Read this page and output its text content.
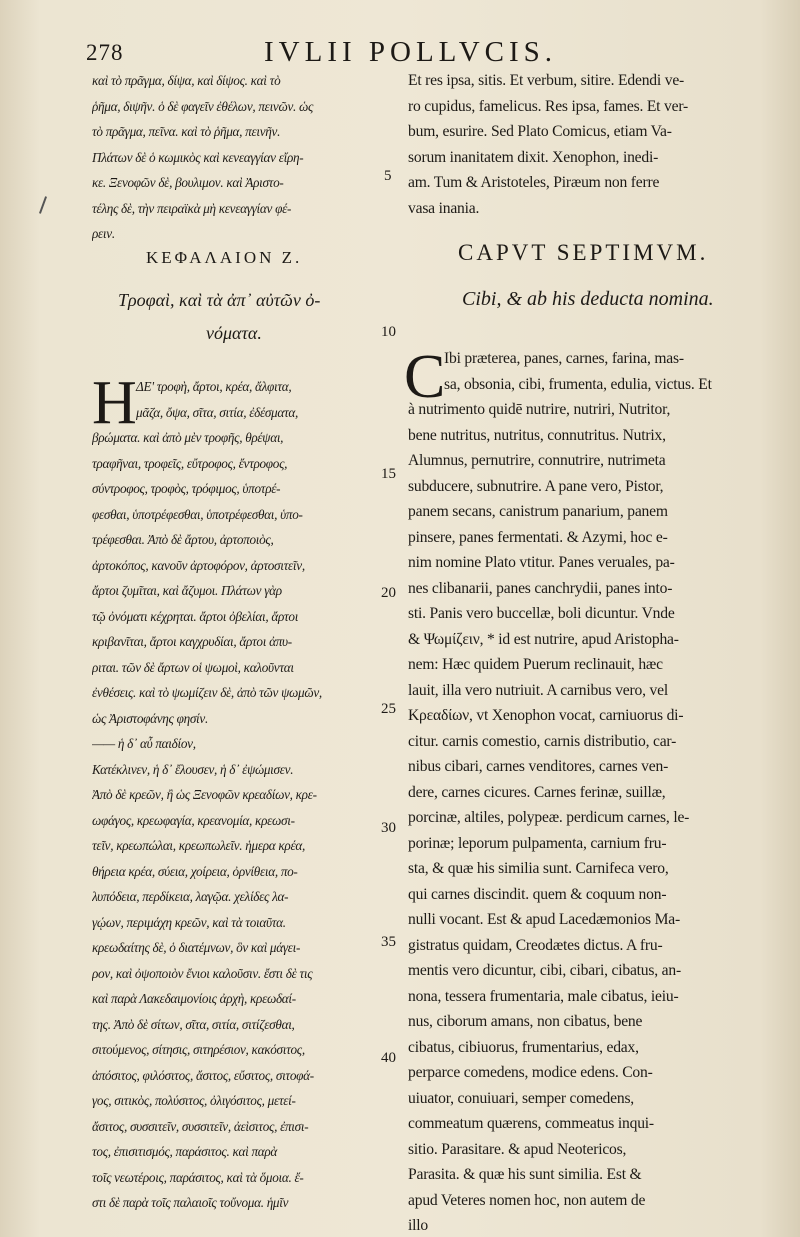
278	IVLII POLLVCIS.
καὶ τὸ πρᾶγμα, δίψα, καὶ δίψος. καὶ τὸ
ῥῆμα, διψῆν. ὁ δὲ φαγεῖν ἐθέλων, πεινῶν. ὡς
τὸ πρᾶγμα, πεῖνα. καὶ τὸ ῥῆμα, πεινῆν.
Πλάτων δὲ ὁ κωμικὸς καὶ κενεαγγίαν εἴρη-
κε. Ξενοφῶν δὲ, βουλιμον. καὶ Ἀριστο-
τέλης δὲ, τὴν πειραϊκὰ μὴ κενεαγγίαν φέ-
ρειν.
Et res ipsa, sitis. Et verbum, sitire. Edendi ve-
ro cupidus, famelicus. Res ipsa, fames. Et ver-
bum, esurire. Sed Plato Comicus, etiam Va-
sorum inanitatem dixit. Xenophon, inedi-
am. Tum & Aristoteles, Piræum non ferre
vasa inania.
ΚΕΦΑΛΑΙΟΝ Ζ.
Τροφαὶ, καὶ τὰ ἀπ᾽ αὐτῶν ὀ-
νόματα.
CAPVT SEPTIMVM.
Cibi, & ab his deducta nomina.
Η	C
ΔΕ' τροφὴ, ἄρτοι, κρέα, ἄλφιτα,
μᾶζα, ὄψα, σῖτα, σιτία, ἐδέσματα,
βρώματα. καὶ ἀπὸ μὲν τροφῆς, θρέψαι,
τραφῆναι, τροφεῖς, εὔτροφος, ἔντροφος,
σύντροφος, τροφὸς, τρόφιμος, ὑποτρέ-
φεσθαι, ὑποτρέφεσθαι, ὑποτρέφεσθαι, ὑπο-
τρέφεσθαι. Ἀπὸ δὲ ἄρτου, ἀρτοποιὸς,
ἀρτοκόπος, κανοῦν ἀρτοφόρον, ἀρτοσιτεῖν,
ἄρτοι ζυμῖται, καὶ ἄζυμοι. Πλάτων γὰρ
τῷ ὀνόματι κέχρηται. ἄρτοι ὀβελίαι, ἄρτοι
κριβανῖται, ἄρτοι καγχρυδίαι, ἄρτοι ἀπυ-
ριται. τῶν δὲ ἄρτων οἱ ψωμοὶ, καλοῦνται
ἐνθέσεις. καὶ τὸ ψωμίζειν δὲ, ἀπὸ τῶν ψωμῶν,
ὡς Ἀριστοφάνης φησίν.
—— ἡ δ᾽ αὖ παιδίον,
Κατέκλινεν, ἡ δ᾽ ἔλουσεν, ἡ δ᾽ ἐψώμισεν.
Ἀπὸ δὲ κρεῶν, ἢ ὡς Ξενοφῶν κρεαδίων, κρε-
ωφάγος, κρεωφαγία, κρεανομία, κρεωσι-
τεῖν, κρεωπώλαι, κρεωπωλεῖν. ἡμερα κρέα,
θήρεια κρέα, σύεια, χοίρεια, ὀρνίθεια, πο-
λυπόδεια, περδίκεια, λαγῷα. χελίδες λα-
γῴων, περιμάχη κρεῶν, καὶ τὰ τοιαῦτα.
κρεωδαίτης δὲ, ὁ διατέμνων, ὃν καὶ μάγει-
ρον, καὶ ὀψοποιὸν ἔνιοι καλοῦσιν. ἔστι δὲ τις
καὶ παρὰ Λακεδαιμονίοις ἀρχὴ, κρεωδαί-
της. Ἀπὸ δὲ σίτων, σῖτα, σιτία, σιτίζεσθαι,
σιτούμενος, σίτησις, σιτηρέσιον, κακόσιτος,
ἀπόσιτος, φιλόσιτος, ἄσιτος, εὔσιτος, σιτοφά-
γος, σιτικὸς, πολύσιτος, ὀλιγόσιτος, μετεί-
ἄσιτος, συσσιτεῖν, συσσιτεῖν, ἀεὶσιτος, ἐπισι-
τος, ἐπισιτισμός, παράσιτος. καὶ παρὰ
τοῖς νεωτέροις, παράσιτος, καὶ τὰ ὅμοια. ἔ-
στι δὲ παρὰ τοῖς παλαιοῖς τοὔνομα. ἡμῖν
Ibi præterea, panes, carnes, farina, mas-
sa, obsonia, cibi, frumenta, edulia, victus. Et
à nutrimento quidē nutrire, nutriri, Nutritor,
bene nutritus, nutritus, connutritus. Nutrix,
Alumnus, pernutrire, connutrire, nutrimeta
subducere, subnutrire. A pane vero, Pistor,
panem secans, canistrum panarium, panem
pinsere, panes fermentati. & Azymi, hoc e-
nim nomine Plato vtitur. Panes veruales, pa-
nes clibanarii, panes canchrydii, panes into-
sti. Panis vero buccellæ, boli dicuntur. Vnde
& Ψωμίζειν, * id est nutrire, apud Aristopha-
nem: Hæc quidem Puerum reclinauit, hæc
lauit, illa vero nutriuit. A carnibus vero, vel
Κρεαδίων, vt Xenophon vocat, carniuorus di-
citur. carnis comestio, carnis distributio, car-
nibus cibari, carnes venditores, carnes ven-
dere, carnes cicures. Carnes ferinæ, suillæ,
porcinæ, altiles, polypeæ. perdicum carnes, le-
porinæ; leporum pulpamenta, carnium fru-
sta, & quæ his similia sunt. Carnifeca vero,
qui carnes discindit. quem & coquum non-
nulli vocant. Est & apud Lacedæmonios Ma-
gistratus quidam, Creodætes dictus. A fru-
mentis vero dicuntur, cibi, cibari, cibatus, an-
nona, tessera frumentaria, male cibatus, ieiu-
nus, ciborum amans, non cibatus, bene
cibatus, cibiuorus, frumentarius, edax,
perparce comedens, modice edens. Con-
uiuator, conuiuari, semper comedens,
commeatum quærens, commeatus inqui-
sitio. Parasitare. & apud Neotericos,
Parasita. & quæ his sunt similia. Est &
apud Veteres nomen hoc, non autem de
illo
5
10
15
20
25
30
35
40
